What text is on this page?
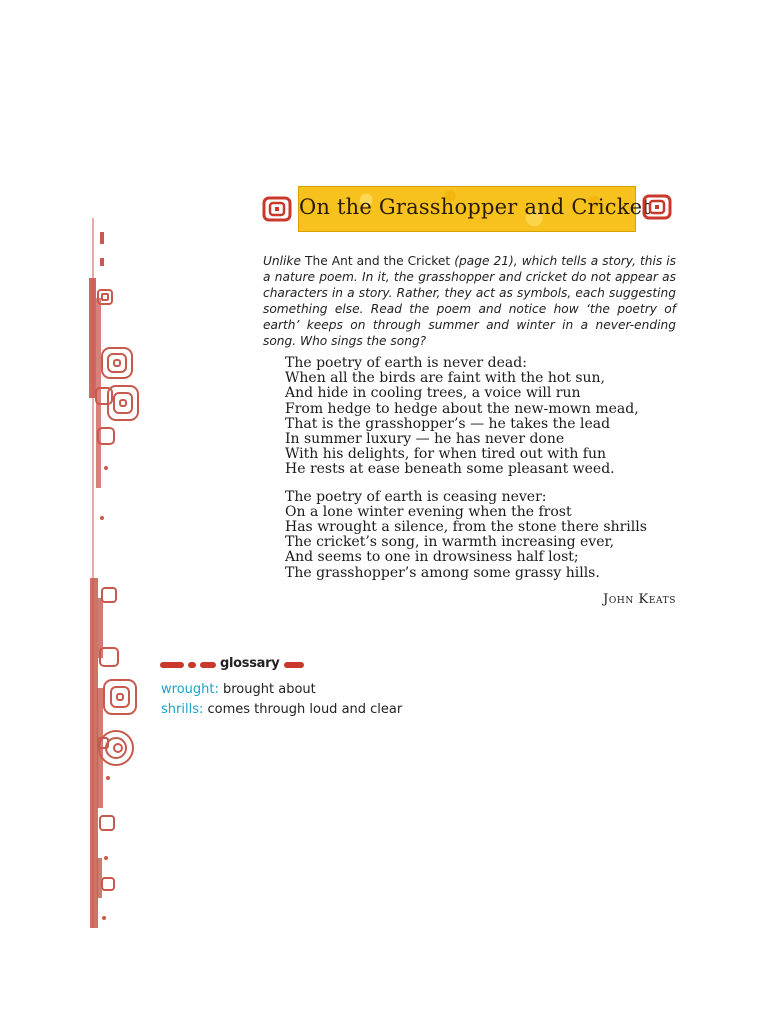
On the Grasshopper and Cricket
Unlike The Ant and the Cricket (page 21), which tells a story, this is a nature poem. In it, the grasshopper and cricket do not appear as characters in a story. Rather, they act as symbols, each suggesting something else. Read the poem and notice how ‘the poetry of earth’ keeps on through summer and winter in a never-ending song. Who sings the song?
The poetry of earth is never dead:
When all the birds are faint with the hot sun,
And hide in cooling trees, a voice will run
From hedge to hedge about the new-mown mead,
That is the grasshopper’s — he takes the lead
In summer luxury — he has never done
With his delights, for when tired out with fun
He rests at ease beneath some pleasant weed.
The poetry of earth is ceasing never:
On a lone winter evening when the frost
Has wrought a silence, from the stone there shrills
The cricket’s song, in warmth increasing ever,
And seems to one in drowsiness half lost;
The grasshopper’s among some grassy hills.
John Keats
glossary
wrought: brought about
shrills: comes through loud and clear
